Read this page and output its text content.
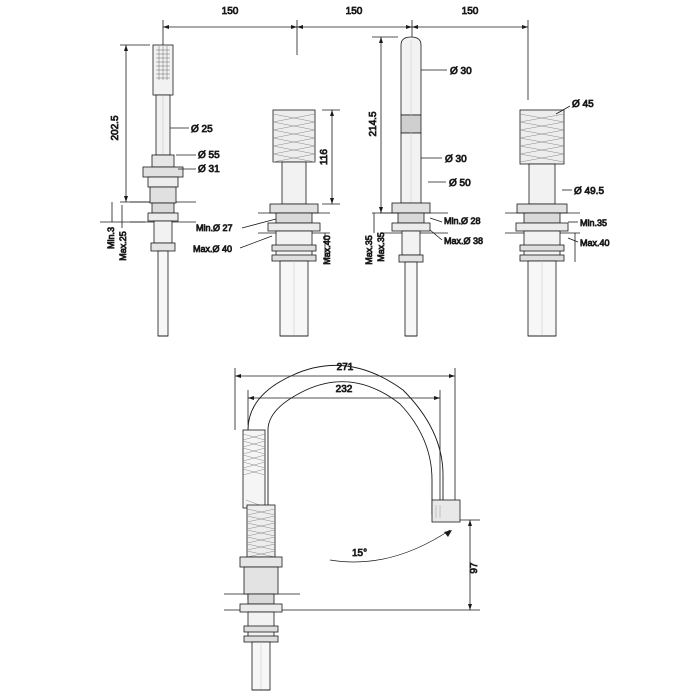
150	150	150
202.5	Ø 25
Ø 55
Ø 31
Min.3 Max.25
116
Min.Ø 27
Max.Ø 40	Max.40
214.5
Ø 30
Ø 30
Ø 50
Min.Ø 28
Max.Ø 38
Max.35 Max.35
Ø 45
Ø 49.5
Min.35
Max.40
271
232
97
15°
